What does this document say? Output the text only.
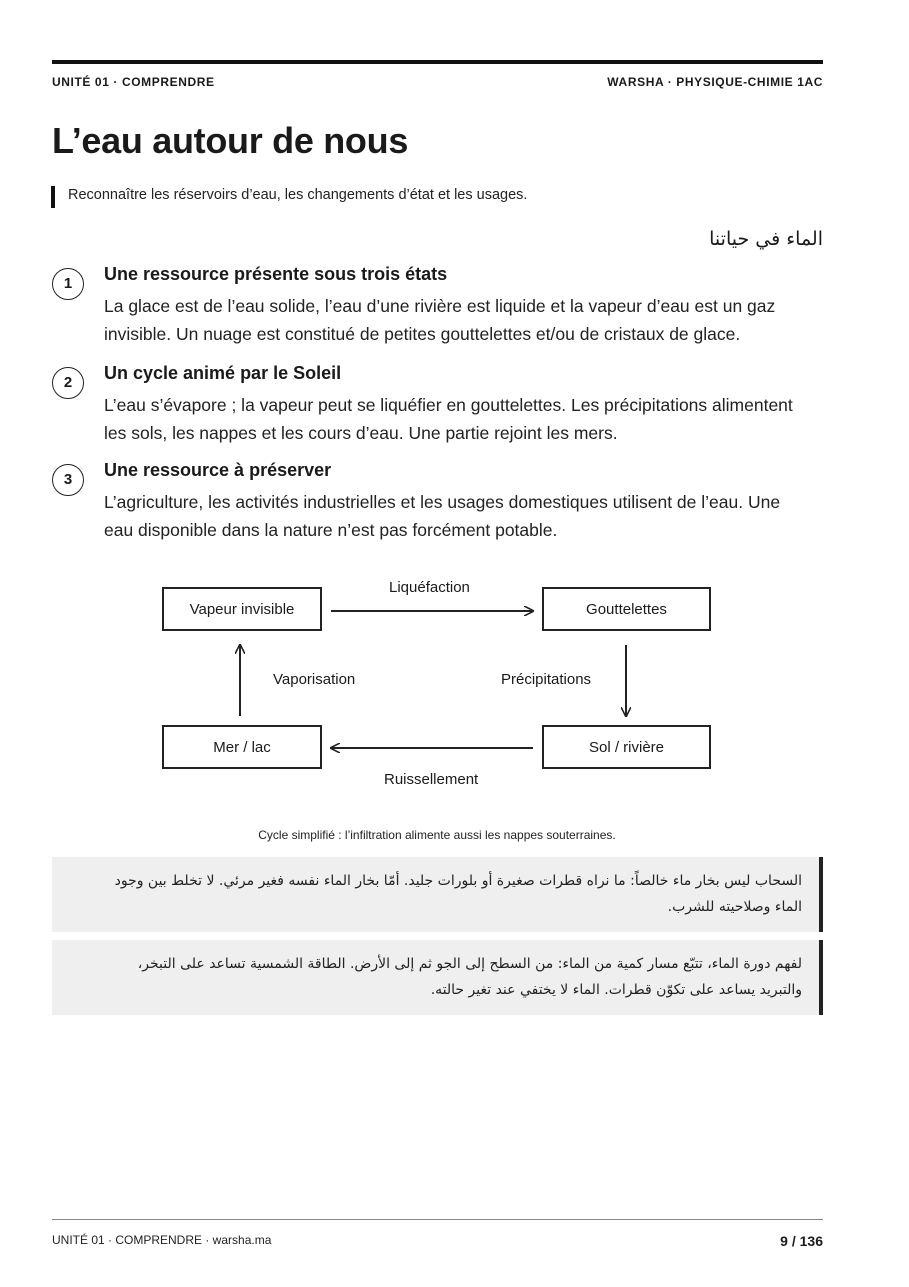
UNITÉ 01 · COMPRENDRE	WARSHA · PHYSIQUE-CHIMIE 1AC
L’eau autour de nous
Reconnaître les réservoirs d’eau, les changements d’état et les usages.
الماء في حياتنا
1	Une ressource présente sous trois états
La glace est de l’eau solide, l’eau d’une rivière est liquide et la vapeur d’eau est un gaz invisible. Un nuage est constitué de petites gouttelettes et/ou de cristaux de glace.
2	Un cycle animé par le Soleil
L’eau s’évapore ; la vapeur peut se liquéfier en gouttelettes. Les précipitations alimentent les sols, les nappes et les cours d’eau. Une partie rejoint les mers.
3	Une ressource à préserver
L’agriculture, les activités industrielles et les usages domestiques utilisent de l’eau. Une eau disponible dans la nature n’est pas forcément potable.
Vapeur invisible	Gouttelettes
Mer / lac	Sol / rivière
Liquéfaction
Précipitations
Ruissellement
Vaporisation
Cycle simplifié : l’infiltration alimente aussi les nappes souterraines.
السحاب ليس بخار ماء خالصاً: ما نراه قطرات صغيرة أو بلورات جليد. أمّا بخار الماء نفسه فغير مرئي. لا تخلط بين وجود الماء وصلاحيته للشرب.
لفهم دورة الماء، تتبّع مسار كمية من الماء: من السطح إلى الجو ثم إلى الأرض. الطاقة الشمسية تساعد على التبخر، والتبريد يساعد على تكوّن قطرات. الماء لا يختفي عند تغير حالته.
UNITÉ 01 · COMPRENDRE · warsha.ma	9 / 136
